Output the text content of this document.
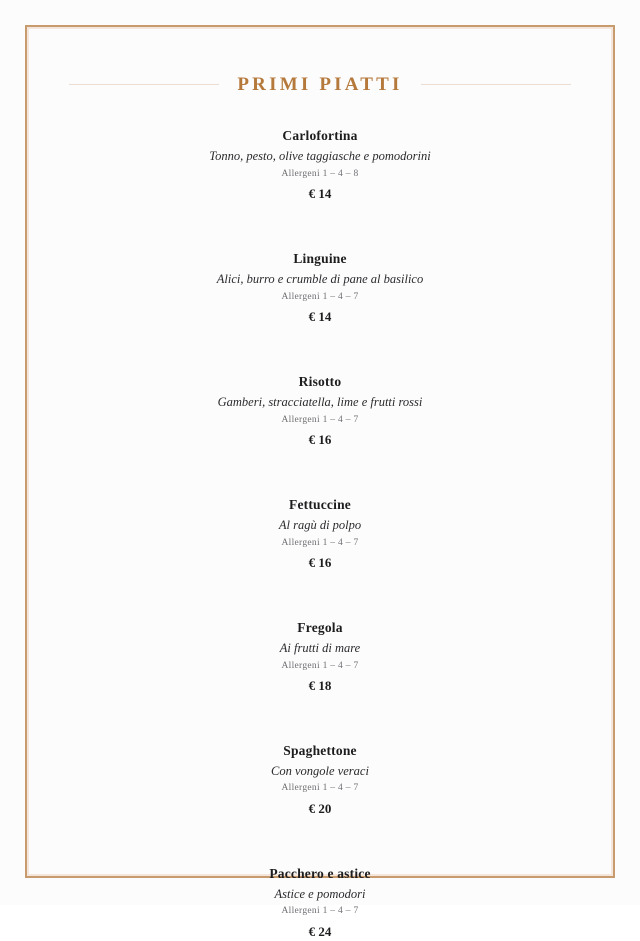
PRIMI PIATTI
Carlofortina
Tonno, pesto, olive taggiasche e pomodorini
Allergeni 1 – 4 – 8
€ 14
Linguine
Alici, burro e crumble di pane al basilico
Allergeni 1 – 4 – 7
€ 14
Risotto
Gamberi, stracciatella, lime e frutti rossi
Allergeni 1 – 4 – 7
€ 16
Fettuccine
Al ragù di polpo
Allergeni 1 – 4 – 7
€ 16
Fregola
Ai frutti di mare
Allergeni 1 – 4 – 7
€ 18
Spaghettone
Con vongole veraci
Allergeni 1 – 4 – 7
€ 20
Pacchero e astice
Astice e pomodori
Allergeni 1 – 4 – 7
€ 24
